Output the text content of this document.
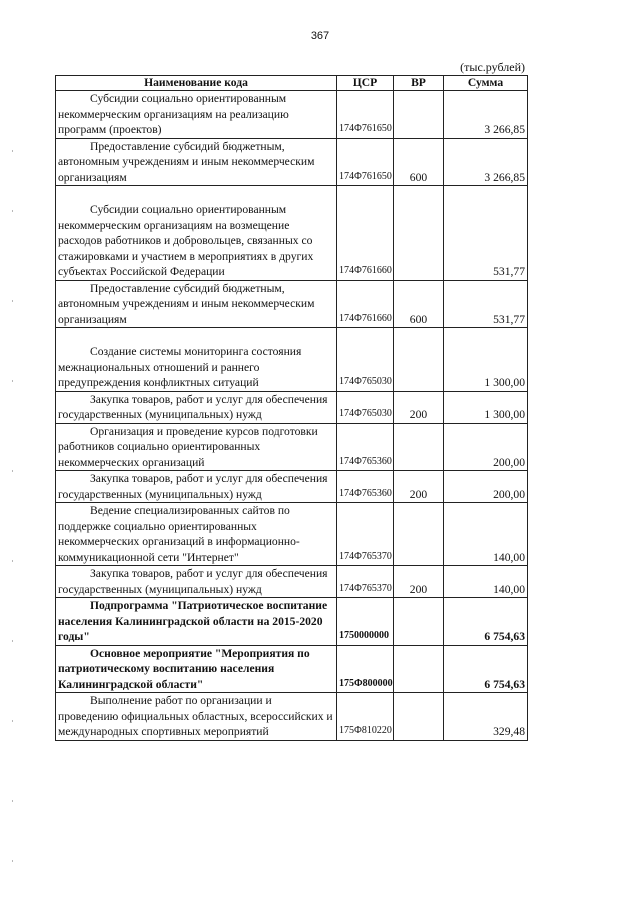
367
(тыс.рублей)
Наименование кода	ЦСР	ВР	Сумма

Субсидии социально ориентированным некоммерческим организациям на реализацию программ (проектов)	174Ф761650		3 266,85

Предоставление субсидий бюджетным, автономным учреждениям и иным некоммерческим организациям	174Ф761650	600	3 266,85

Субсидии социально ориентированным некоммерческим организациям на возмещение расходов работников и добровольцев, связанных со стажировками и участием в мероприятиях в других субъектах Российской Федерации	174Ф761660		531,77

Предоставление субсидий бюджетным, автономным учреждениям и иным некоммерческим организациям	174Ф761660	600	531,77

Создание системы мониторинга состояния межнациональных отношений и раннего предупреждения конфликтных ситуаций	174Ф765030		1 300,00

Закупка товаров, работ и услуг для обеспечения государственных (муниципальных) нужд	174Ф765030	200	1 300,00

Организация и проведение курсов подготовки работников социально ориентированных некоммерческих организаций	174Ф765360		200,00

Закупка товаров, работ и услуг для обеспечения государственных (муниципальных) нужд	174Ф765360	200	200,00

Ведение специализированных сайтов по поддержке социально ориентированных некоммерческих организаций в информационно-коммуникационной сети "Интернет"	174Ф765370		140,00

Закупка товаров, работ и услуг для обеспечения государственных (муниципальных) нужд	174Ф765370	200	140,00

Подпрограмма "Патриотическое воспитание населения Калининградской области на 2015-2020 годы"	1750000000		6 754,63

Основное мероприятие "Мероприятия по патриотическому воспитанию населения Калининградской области"	175Ф800000		6 754,63

Выполнение работ по организации и проведению официальных областных, всероссийских и международных спортивных мероприятий	175Ф810220		329,48
